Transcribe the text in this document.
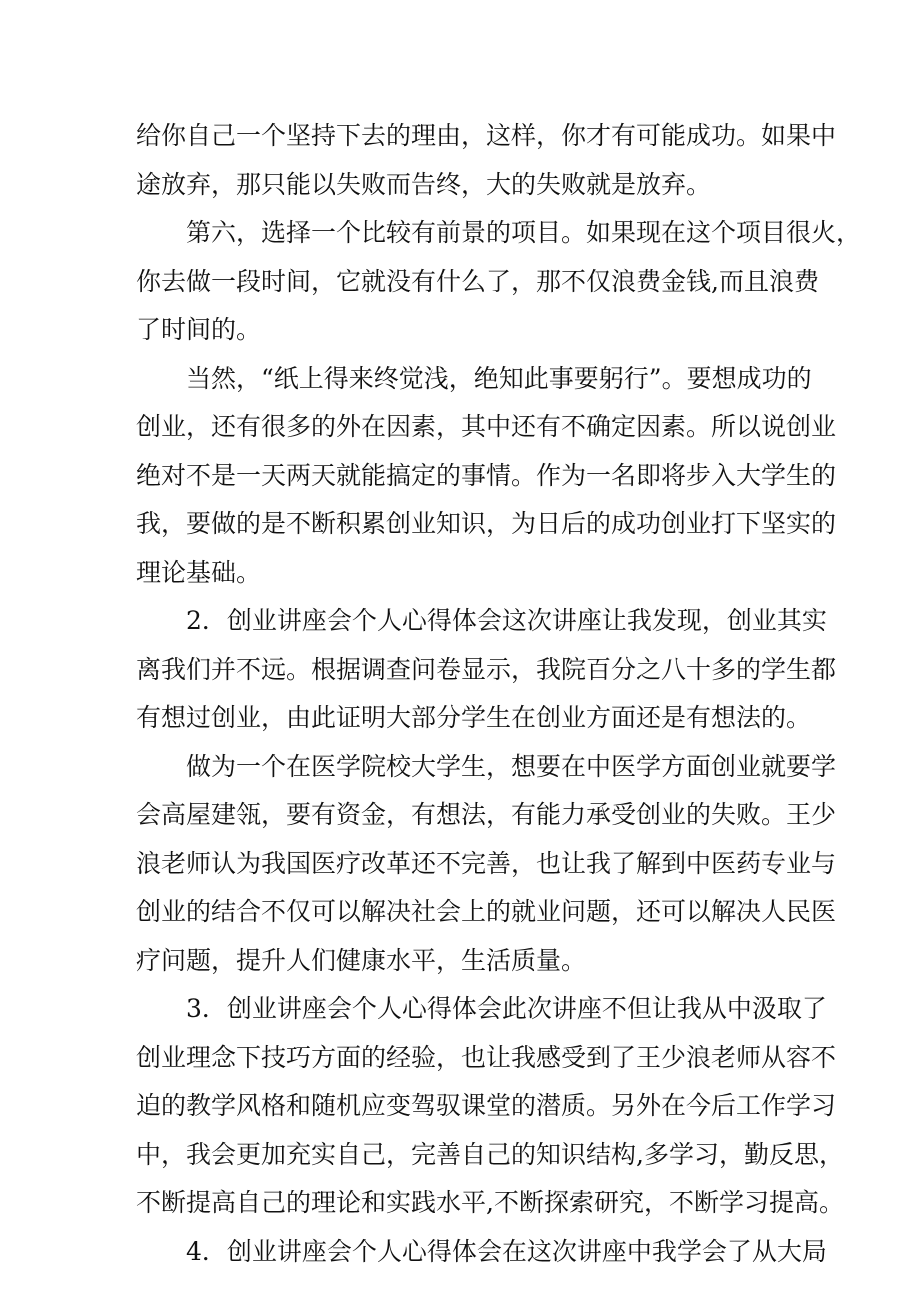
给你自己一个坚持下去的理由，这样，你才有可能成功。如果中
途放弃，那只能以失败而告终，大的失败就是放弃。

第六，选择一个比较有前景的项目。如果现在这个项目很火，
你去做一段时间，它就没有什么了，那不仅浪费金钱,而且浪费
了时间的。

当然，“纸上得来终觉浅，绝知此事要躬行”。要想成功的
创业，还有很多的外在因素，其中还有不确定因素。所以说创业
绝对不是一天两天就能搞定的事情。作为一名即将步入大学生的
我，要做的是不断积累创业知识，为日后的成功创业打下坚实的
理论基础。

2．创业讲座会个人心得体会这次讲座让我发现，创业其实
离我们并不远。根据调查问卷显示，我院百分之八十多的学生都
有想过创业，由此证明大部分学生在创业方面还是有想法的。

做为一个在医学院校大学生，想要在中医学方面创业就要学
会高屋建瓴，要有资金，有想法，有能力承受创业的失败。王少
浪老师认为我国医疗改革还不完善，也让我了解到中医药专业与
创业的结合不仅可以解决社会上的就业问题，还可以解决人民医
疗问题，提升人们健康水平，生活质量。

3．创业讲座会个人心得体会此次讲座不但让我从中汲取了
创业理念下技巧方面的经验，也让我感受到了王少浪老师从容不
迫的教学风格和随机应变驾驭课堂的潜质。另外在今后工作学习
中，我会更加充实自己，完善自己的知识结构,多学习，勤反思，
不断提高自己的理论和实践水平,不断探索研究，不断学习提高。

4．创业讲座会个人心得体会在这次讲座中我学会了从大局
